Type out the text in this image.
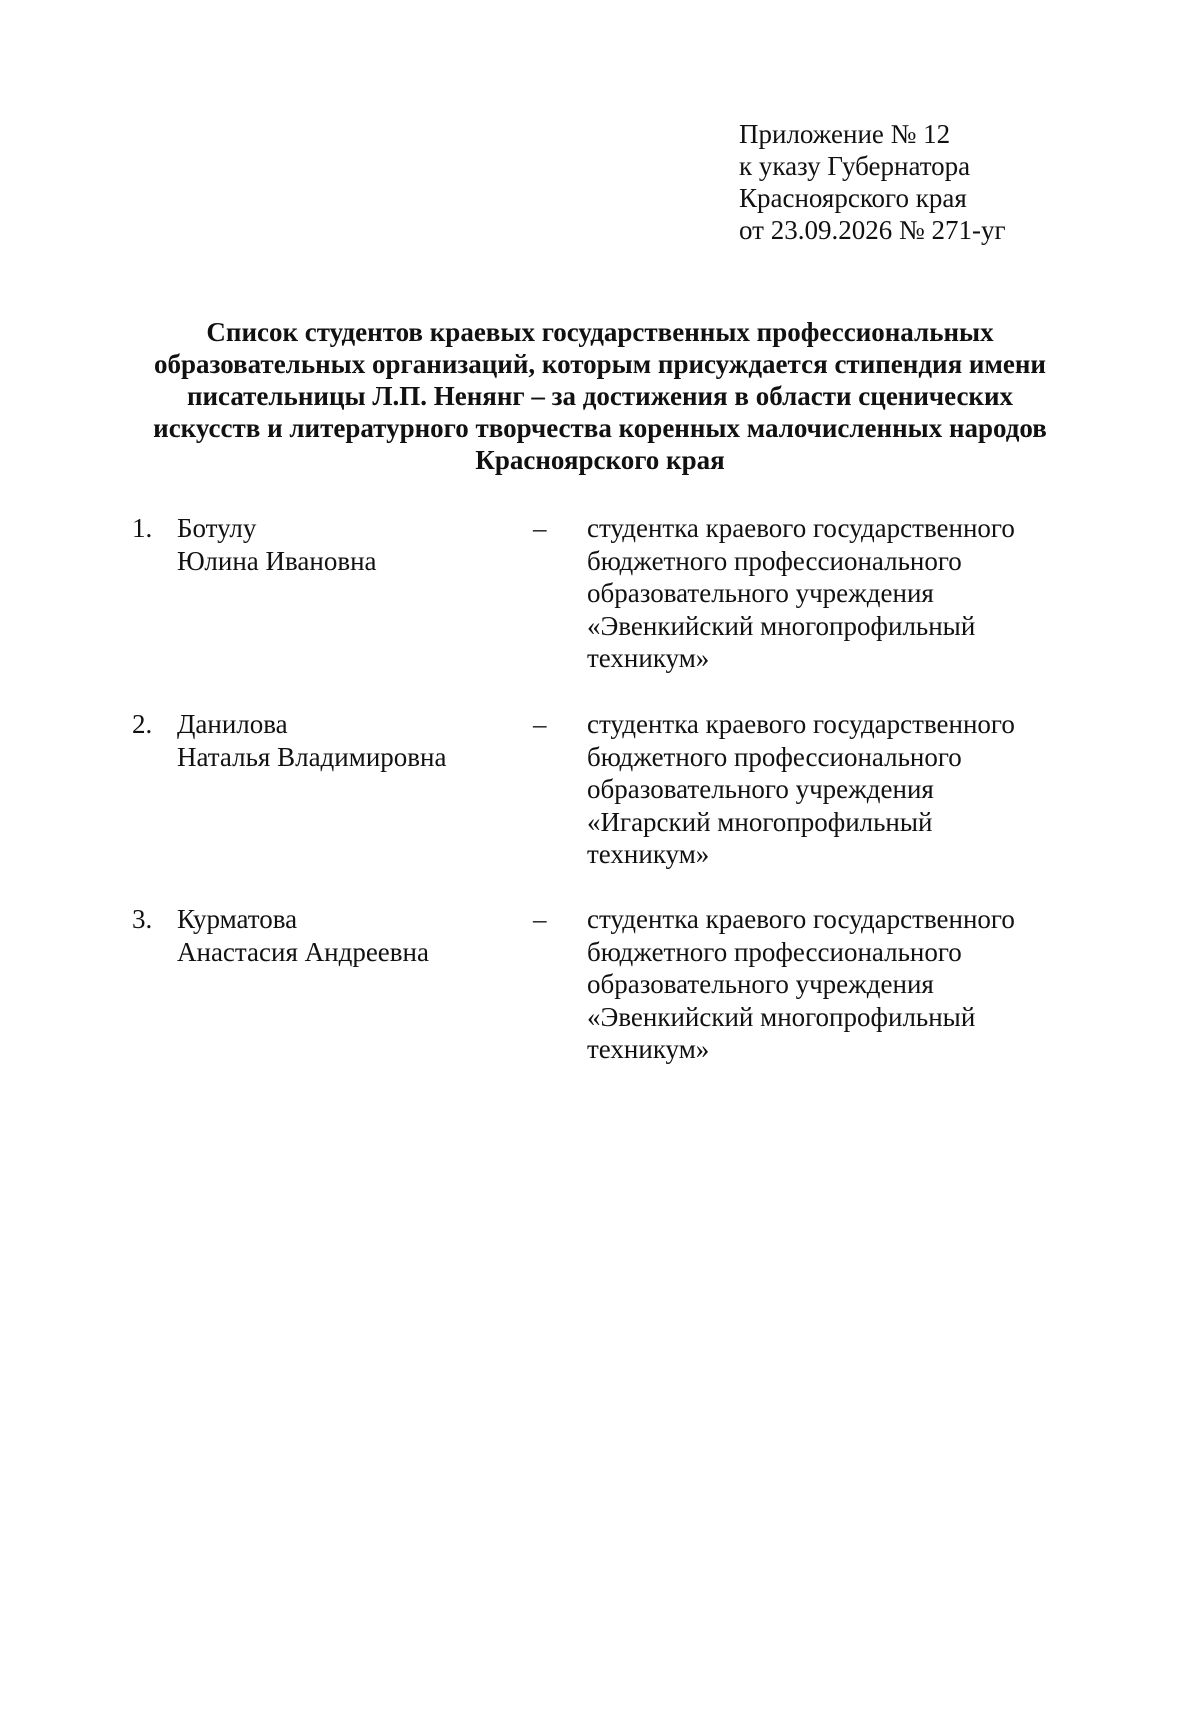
Приложение № 12
к указу Губернатора
Красноярского края
от 23.09.2026 № 271-уг
Список студентов краевых государственных профессиональных
образовательных организаций, которым присуждается стипендия имени
писательницы Л.П. Ненянг – за достижения в области сценических
искусств и литературного творчества коренных малочисленных народов
Красноярского края
1. Ботулу
Юлина Ивановна
– студентка краевого государственного
бюджетного профессионального
образовательного учреждения
«Эвенкийский многопрофильный
техникум»
2. Данилова
Наталья Владимировна
– студентка краевого государственного
бюджетного профессионального
образовательного учреждения
«Игарский многопрофильный
техникум»
3. Курматова
Анастасия Андреевна
– студентка краевого государственного
бюджетного профессионального
образовательного учреждения
«Эвенкийский многопрофильный
техникум»
